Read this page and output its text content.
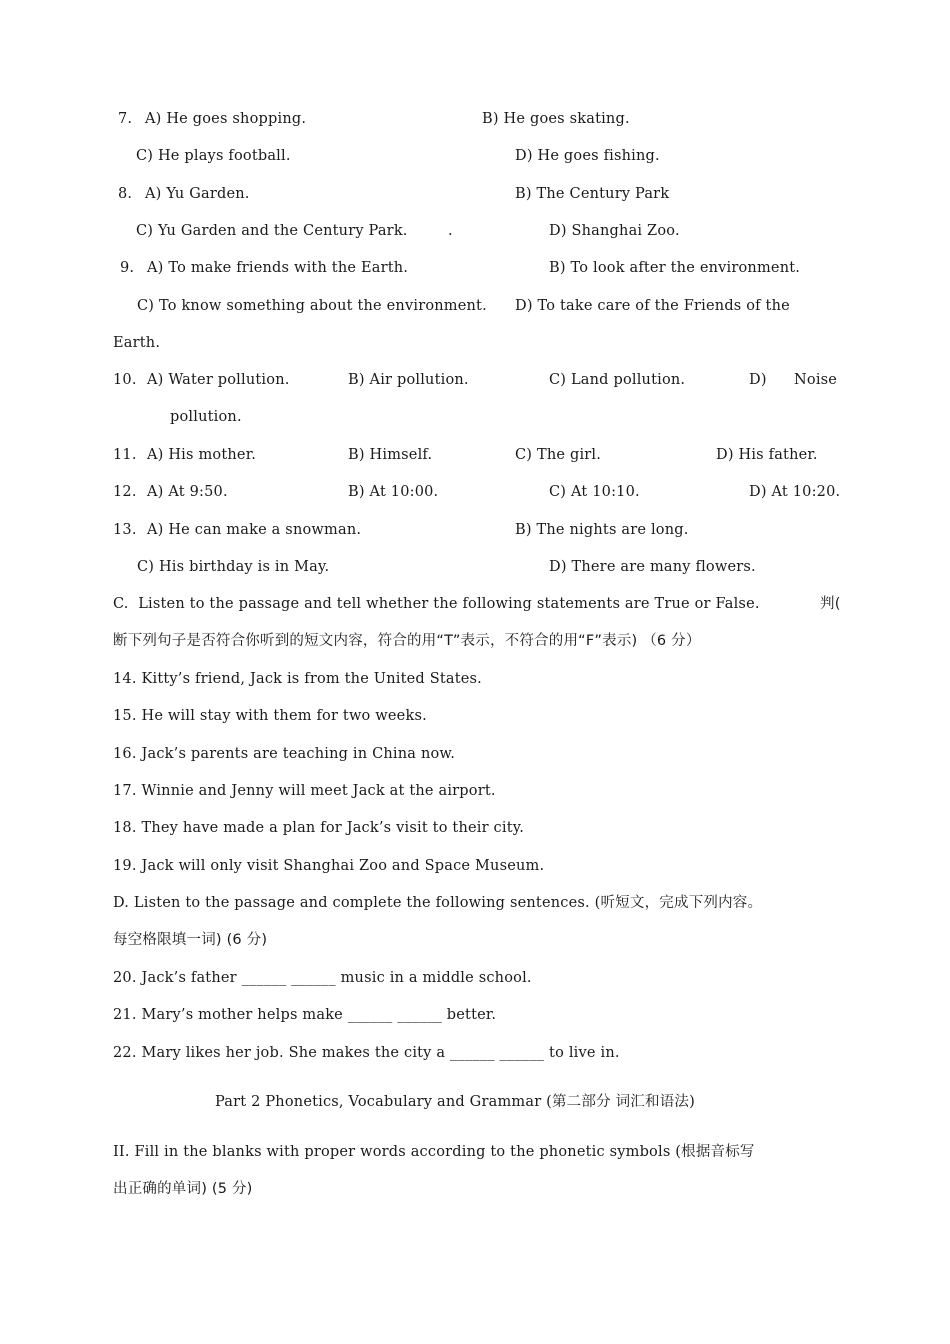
7. A) He goes shopping.	B) He goes skating.
C) He plays football.	D) He goes fishing.
8. A) Yu Garden.	B) The Century Park
C) Yu Garden and the Century Park.	.	D) Shanghai Zoo.
9. A) To make friends with the Earth.	B) To look after the environment.
C) To know something about the environment. D) To take care of the Friends of the
Earth.
10. A) Water pollution.	B) Air pollution.	C) Land pollution.	D) Noise
pollution.
11. A) His mother.	B) Himself.	C) The girl.	D) His father.
12. A) At 9:50.	B) At 10:00.	C) At 10:10.	D) At 10:20.
13. A) He can make a snowman.	B) The nights are long.
C) His birthday is in May.	D) There are many flowers.
C.  Listen to the passage and tell whether the following statements are True or False.	判(
断下列句子是否符合你听到的短文内容，符合的用“T”表示，不符合的用“F”表示) （6 分）
14. Kitty’s friend, Jack is from the United States.
15. He will stay with them for two weeks.
16. Jack’s parents are teaching in China now.
17. Winnie and Jenny will meet Jack at the airport.
18. They have made a plan for Jack’s visit to their city.
19. Jack will only visit Shanghai Zoo and Space Museum.
D. Listen to the passage and complete the following sentences. (听短文，完成下列内容。
每空格限填一词) (6 分)
20. Jack’s father ______ ______ music in a middle school.
21. Mary’s mother helps make ______ ______ better.
22. Mary likes her job. She makes the city a ______ ______ to live in.
Part 2 Phonetics, Vocabulary and Grammar (第二部分 词汇和语法)
II. Fill in the blanks with proper words according to the phonetic symbols (根据音标写
出正确的单词) (5 分)
